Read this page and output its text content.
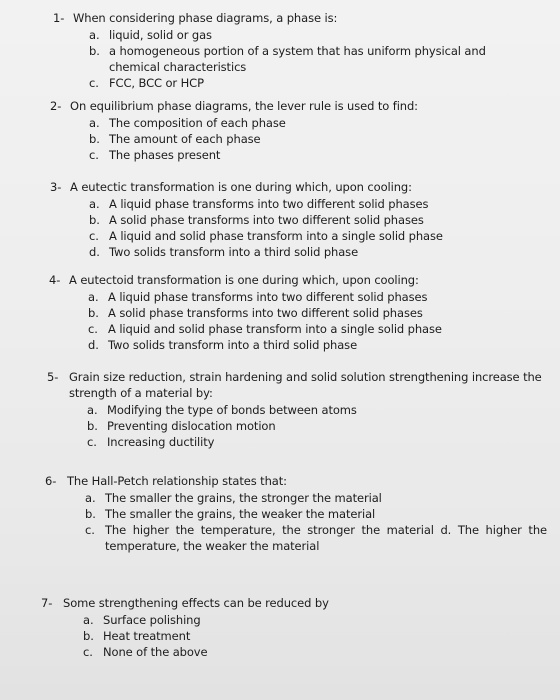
1- When considering phase diagrams, a phase is:
a. liquid, solid or gas
b. a homogeneous portion of a system that has uniform physical and chemical characteristics
c. FCC, BCC or HCP
2- On equilibrium phase diagrams, the lever rule is used to find:
a. The composition of each phase
b. The amount of each phase
c. The phases present
3- A eutectic transformation is one during which, upon cooling:
a. A liquid phase transforms into two different solid phases
b. A solid phase transforms into two different solid phases
c. A liquid and solid phase transform into a single solid phase
d. Two solids transform into a third solid phase
4- A eutectoid transformation is one during which, upon cooling:
a. A liquid phase transforms into two different solid phases
b. A solid phase transforms into two different solid phases
c. A liquid and solid phase transform into a single solid phase
d. Two solids transform into a third solid phase
5- Grain size reduction, strain hardening and solid solution strengthening increase the strength of a material by:
a. Modifying the type of bonds between atoms
b. Preventing dislocation motion
c. Increasing ductility
6- The Hall-Petch relationship states that:
a. The smaller the grains, the stronger the material
b. The smaller the grains, the weaker the material
c. The higher the temperature, the stronger the material d. The higher the temperature, the weaker the material
7- Some strengthening effects can be reduced by
a. Surface polishing
b. Heat treatment
c. None of the above
